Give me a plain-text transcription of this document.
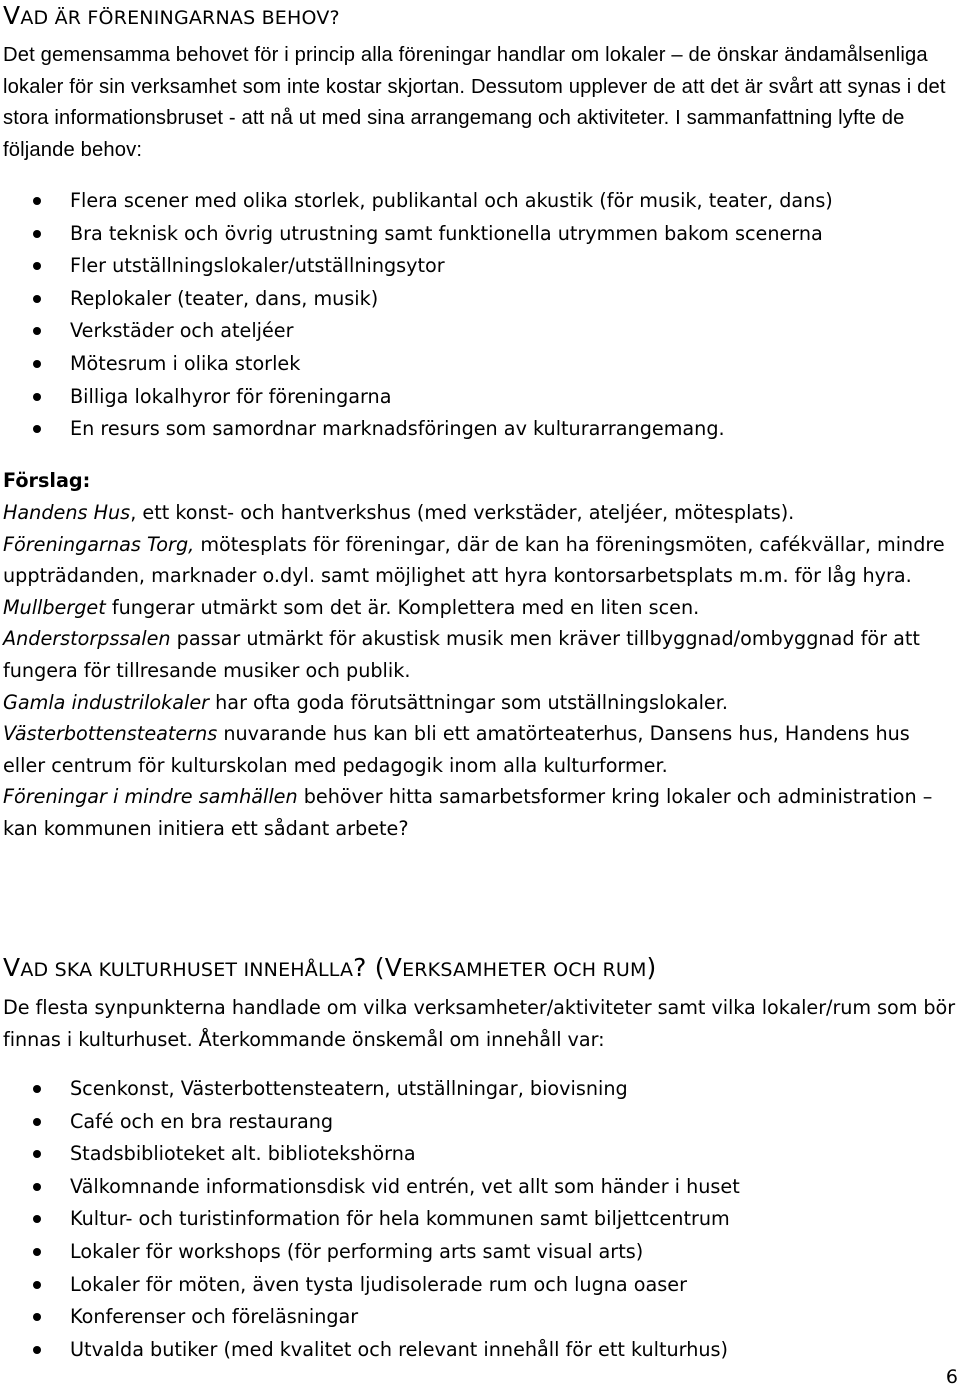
VAD ÄR FÖRENINGARNAS BEHOV?

Det gemensamma behovet för i princip alla föreningar handlar om lokaler – de önskar ändamålsenliga lokaler för sin verksamhet som inte kostar skjortan. Dessutom upplever de att det är svårt att synas i det stora informationsbruset - att nå ut med sina arrangemang och aktiviteter. I sammanfattning lyfte de följande behov:

Flera scener med olika storlek, publikantal och akustik (för musik, teater, dans)
Bra teknisk och övrig utrustning samt funktionella utrymmen bakom scenerna
Fler utställningslokaler/utställningsytor
Replokaler (teater, dans, musik)
Verkstäder och ateljéer
Mötesrum i olika storlek
Billiga lokalhyror för föreningarna
En resurs som samordnar marknadsföringen av kulturarrangemang.
Förslag:
Handens Hus, ett konst- och hantverkshus (med verkstäder, ateljéer, mötesplats).
Föreningarnas Torg, mötesplats för föreningar, där de kan ha föreningsmöten, cafékvällar, mindre uppträdanden, marknader o.dyl. samt möjlighet att hyra kontorsarbetsplats m.m. för låg hyra.
Mullberget fungerar utmärkt som det är. Komplettera med en liten scen.
Anderstorpssalen passar utmärkt för akustisk musik men kräver tillbyggnad/ombyggnad för att fungera för tillresande musiker och publik.
Gamla industrilokaler har ofta goda förutsättningar som utställningslokaler.
Västerbottensteaterns nuvarande hus kan bli ett amatörteaterhus, Dansens hus, Handens hus eller centrum för kulturskolan med pedagogik inom alla kulturformer.
Föreningar i mindre samhällen behöver hitta samarbetsformer kring lokaler och administration – kan kommunen initiera ett sådant arbete?
VAD SKA KULTURHUSET INNEHÅLLA? (VERKSAMHETER OCH RUM)

De flesta synpunkterna handlade om vilka verksamheter/aktiviteter samt vilka lokaler/rum som bör finnas i kulturhuset. Återkommande önskemål om innehåll var:

Scenkonst, Västerbottensteatern, utställningar, biovisning
Café och en bra restaurang
Stadsbiblioteket alt. bibliotekshörna
Välkomnande informationsdisk vid entrén, vet allt som händer i huset
Kultur- och turistinformation för hela kommunen samt biljettcentrum
Lokaler för workshops (för performing arts samt visual arts)
Lokaler för möten, även tysta ljudisolerade rum och lugna oaser
Konferenser och föreläsningar
Utvalda butiker (med kvalitet och relevant innehåll för ett kulturhus)
6
